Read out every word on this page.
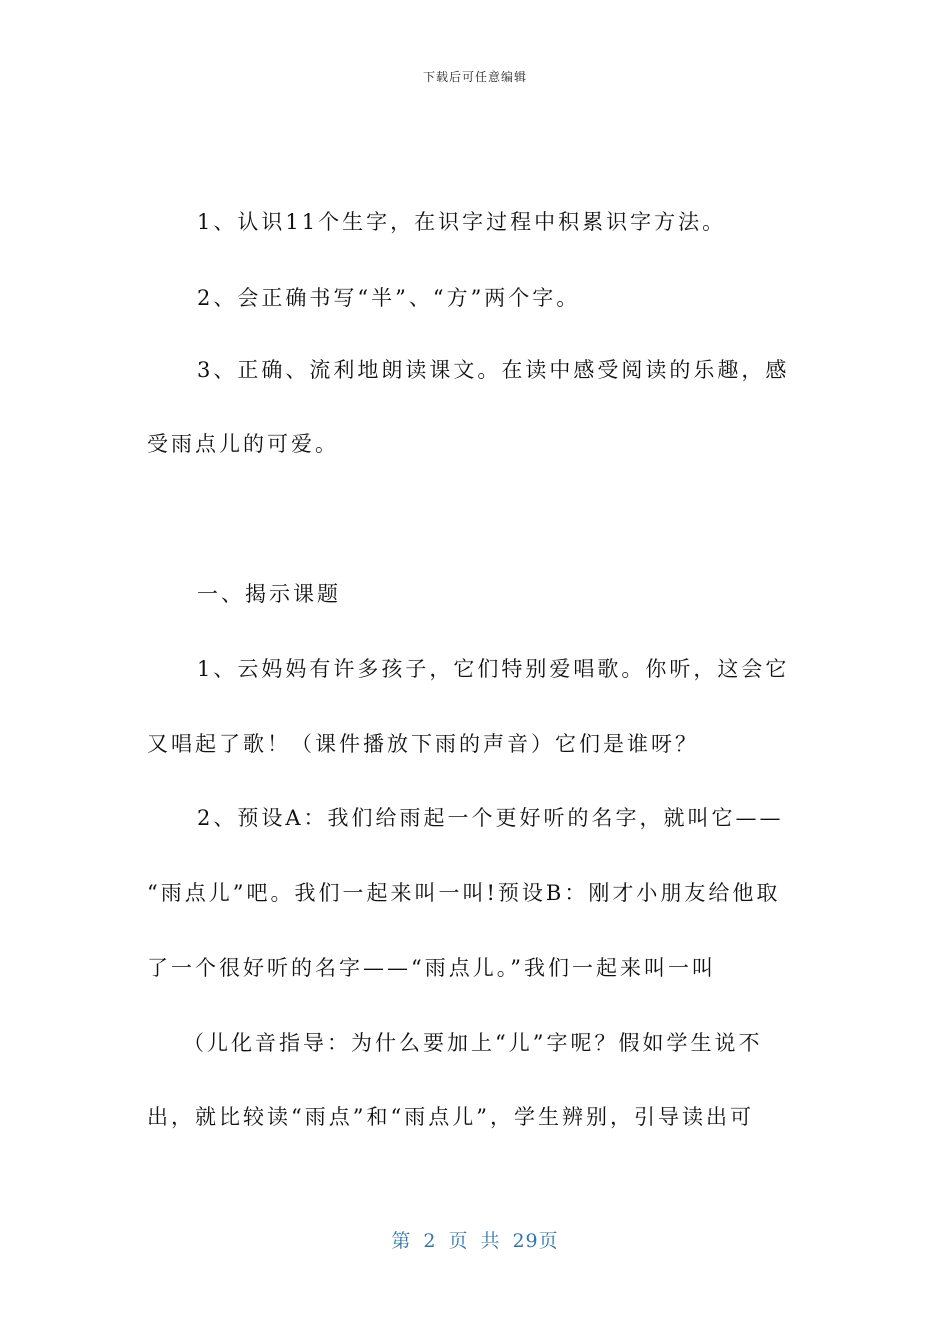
下载后可任意编辑
1、认识11个生字，在识字过程中积累识字方法。
2、会正确书写“半”、“方”两个字。
3、正确、流利地朗读课文。在读中感受阅读的乐趣，感
受雨点儿的可爱。
一、揭示课题
1、云妈妈有许多孩子，它们特别爱唱歌。你听，这会它
又唱起了歌！（课件播放下雨的声音）它们是谁呀？
2、预设A：我们给雨起一个更好听的名字，就叫它——
“雨点儿”吧。我们一起来叫一叫!预设B：刚才小朋友给他取
了一个很好听的名字——“雨点儿。”我们一起来叫一叫
（儿化音指导：为什么要加上“儿”字呢？假如学生说不
出，就比较读“雨点”和“雨点儿”，学生辨别，引导读出可
第 2 页 共 29页
